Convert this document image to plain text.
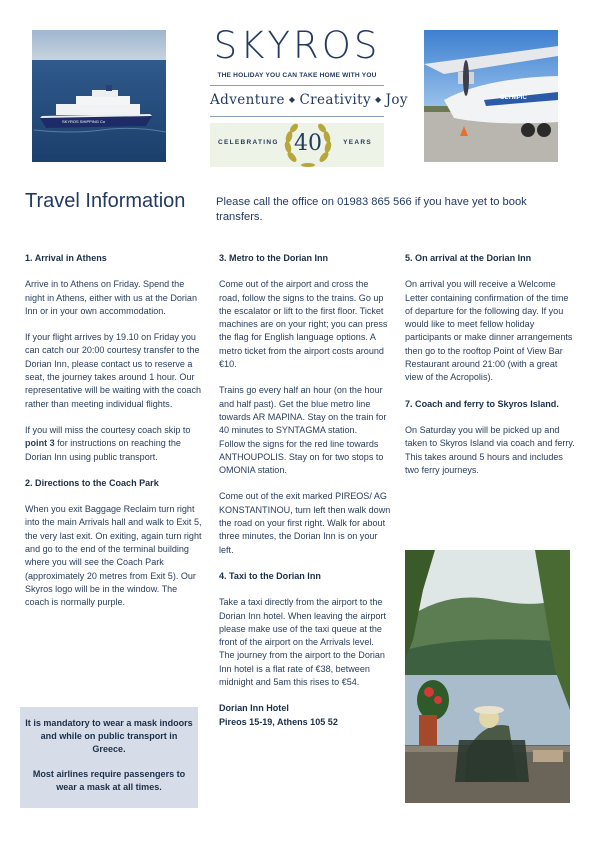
SKYROS SHIPPING Co
SKYROS
THE HOLIDAY YOU CAN TAKE HOME WITH YOU
Adventure ◆ Creativity ◆ Joy
CELEBRATING 40	YEARS
OLYMPIC
Travel Information	Please call the office on 01983 865 566 if you have yet to book transfers.
1. Arrival in Athens

Arrive in to Athens on Friday. Spend the night in Athens, either with us at the Dorian Inn or in your own accommodation.

If your flight arrives by 19.10 on Friday you can catch our 20:00 courtesy transfer to the Dorian Inn, please contact us to reserve a seat, the journey takes around 1 hour. Our representative will be waiting with the coach rather than meeting individual flights.

If you will miss the courtesy coach skip to point 3 for instructions on reaching the Dorian Inn using public transport.

2. Directions to the Coach Park

When you exit Baggage Reclaim turn right into the main Arrivals hall and walk to Exit 5, the very last exit. On exiting, again turn right and go to the end of the terminal building where you will see the Coach Park (approximately 20 metres from Exit 5). Our Skyros logo will be in the window. The coach is normally purple.

It is mandatory to wear a mask indoors and while on public transport in Greece.

Most airlines require passengers to wear a mask at all times.

3. Metro to the Dorian Inn

Come out of the airport and cross the road, follow the signs to the trains. Go up the escalator or lift to the first floor. Ticket machines are on your right; you can press the flag for English language options. A metro ticket from the airport costs around €10.

Trains go every half an hour (on the hour and half past). Get the blue metro line towards AR MAPINA. Stay on the train for 40 minutes to SYNTAGMA station.

Follow the signs for the red line towards ANTHOUPOLIS. Stay on for two stops to OMONIA station.

Come out of the exit marked PIREOS/ AG KONSTANTINOU, turn left then walk down the road on your first right. Walk for about three minutes, the Dorian Inn is on your left.

4. Taxi to the Dorian Inn

Take a taxi directly from the airport to the Dorian Inn hotel. When leaving the airport please make use of the taxi queue at the front of the airport on the Arrivals level. The journey from the airport to the Dorian Inn hotel is a flat rate of €38, between midnight and 5am this rises to €54.

Dorian Inn Hotel
Pireos 15-19, Athens 105 52
5. On arrival at the Dorian Inn

On arrival you will receive a Welcome Letter containing confirmation of the time of departure for the following day. If you would like to meet fellow holiday participants or make dinner arrangements then go to the rooftop Point of View Bar Restaurant around 21:00 (with a great view of the Acropolis).

7. Coach and ferry to Skyros Island.

On Saturday you will be picked up and taken to Skyros Island via coach and ferry. This takes around 5 hours and includes two ferry journeys.
